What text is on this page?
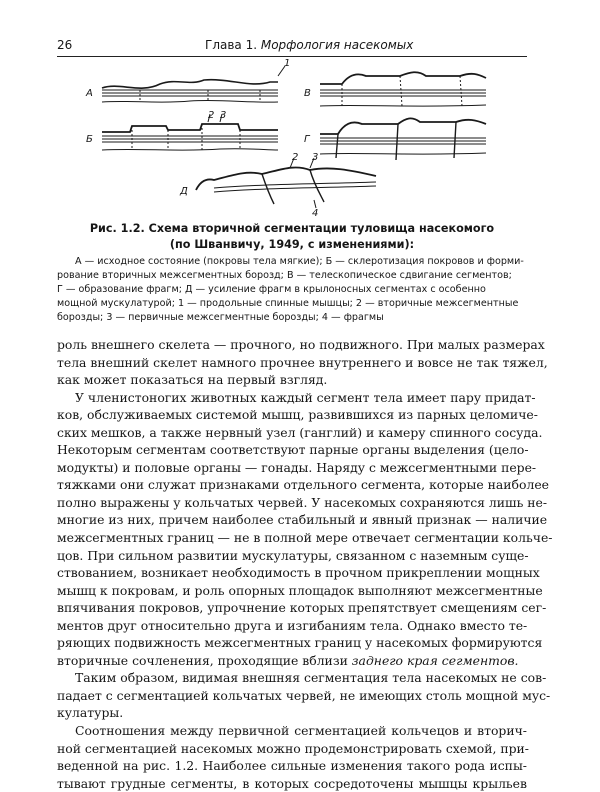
26	Глава 1. Морфология насекомых
А
Б
В
Г
Д
1
2 3
2 3
4
Рис. 1.2. Схема вторичной сегментации туловища насекомого
(по Шванвичу, 1949, с изменениями):
А — исходное состояние (покровы тела мягкие); Б — склеротизация покровов и форми-
рование вторичных межсегментных борозд; В — телескопическое сдвигание сегментов;
Г — образование фрагм; Д — усиление фрагм в крылоносных сегментах с особенно
мощной мускулатурой; 1 — продольные спинные мышцы; 2 — вторичные межсегментные
борозды; 3 — первичные межсегментные борозды; 4 — фрагмы
роль внешнего скелета — прочного, но подвижного. При малых размерах
тела внешний скелет намного прочнее внутреннего и вовсе не так тяжел,
как может показаться на первый взгляд.
У членистоногих животных каждый сегмент тела имеет пару придат-
ков, обслуживаемых системой мышц, развившихся из парных целомиче-
ских мешков, а также нервный узел (ганглий) и камеру спинного сосуда.
Некоторым сегментам соответствуют парные органы выделения (цело-
модукты) и половые органы — гонады. Наряду с межсегментными пере-
тяжками они служат признаками отдельного сегмента, которые наиболее
полно выражены у кольчатых червей. У насекомых сохраняются лишь не-
многие из них, причем наиболее стабильный и явный признак — наличие
межсегментных границ — не в полной мере отвечает сегментации кольче-
цов. При сильном развитии мускулатуры, связанном с наземным суще-
ствованием, возникает необходимость в прочном прикреплении мощных
мышц к покровам, и роль опорных площадок выполняют межсегментные
впячивания покровов, упрочнение которых препятствует смещениям сег-
ментов друг относительно друга и изгибаниям тела. Однако вместо те-
ряющих подвижность межсегментных границ у насекомых формируются
вторичные сочленения, проходящие вблизи заднего края сегментов.
Таким образом, видимая внешняя сегментация тела насекомых не сов-
падает с сегментацией кольчатых червей, не имеющих столь мощной мус-
кулатуры.
Соотношения между первичной сегментацией кольчецов и вторич-
ной сегментацией насекомых можно продемонстрировать схемой, при-
веденной на рис. 1.2. Наиболее сильные изменения такого рода испы-
тывают грудные сегменты, в которых сосредоточены мышцы крыльев
